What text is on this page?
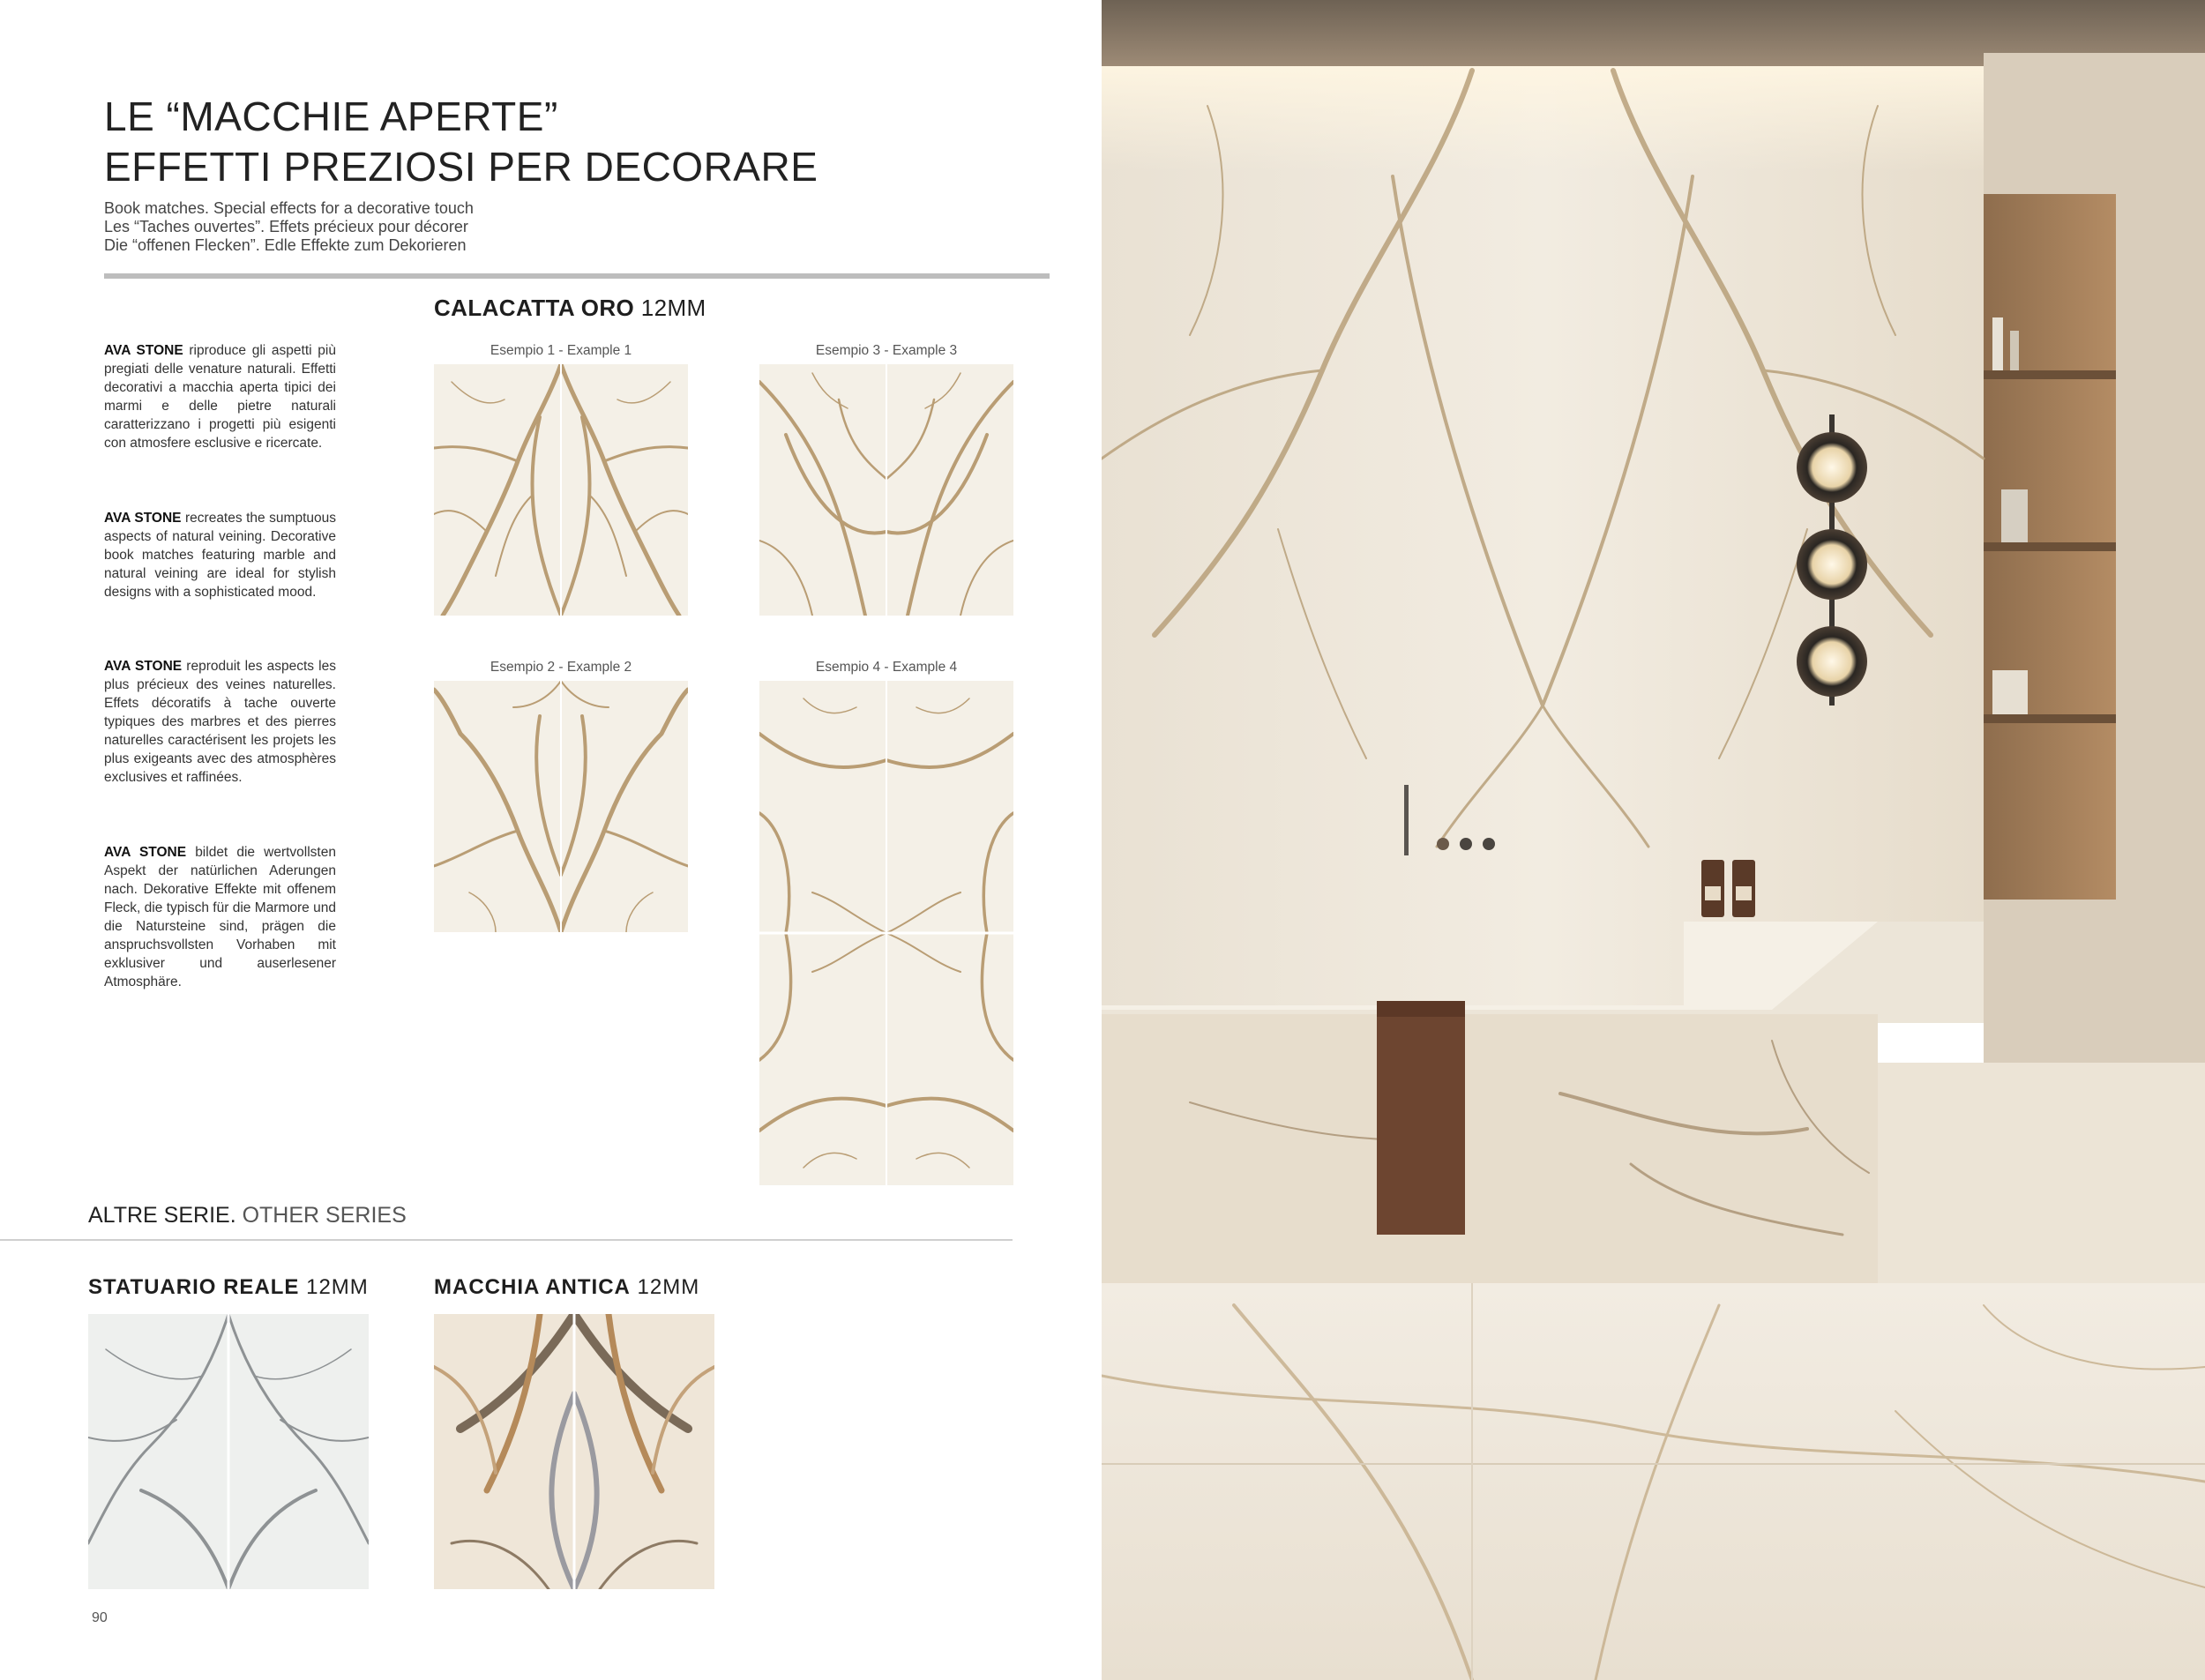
LE “MACCHIE APERTE”
EFFETTI PREZIOSI PER DECORARE
Book matches. Special effects for a decorative touch
Les “Taches ouvertes”. Effets précieux pour décorer
Die “offenen Flecken”. Edle Effekte zum Dekorieren
CALACATTA ORO 12MM
AVA STONE riproduce gli aspetti più pregiati delle venature naturali. Effetti decorativi a macchia aperta tipici dei marmi e delle pietre naturali caratterizzano i progetti più esigenti con atmosfere esclusive e ricercate.
AVA STONE recreates the sumptuous aspects of natural veining. Decorative book matches featuring marble and natural veining are ideal for stylish designs with a sophisticated mood.
AVA STONE reproduit les aspects les plus précieux des veines naturelles. Effets décoratifs à tache ouverte typiques des marbres et des pierres naturelles caractérisent les projets les plus exigeants avec des atmosphères exclusives et raffinées.
AVA STONE bildet die wertvollsten Aspekt der natürlichen Aderungen nach. Dekorative Effekte mit offenem Fleck, die typisch für die Marmore und die Natursteine sind, prägen die anspruchsvollsten Vorhaben mit exklusiver und auserlesener Atmosphäre.
Esempio 1 - Example 1	Esempio 3 - Example 3
Esempio 2 - Example 2	Esempio 4 - Example 4
ALTRE SERIE. OTHER SERIES
STATUARIO REALE 12MM	MACCHIA ANTICA 12MM
90
